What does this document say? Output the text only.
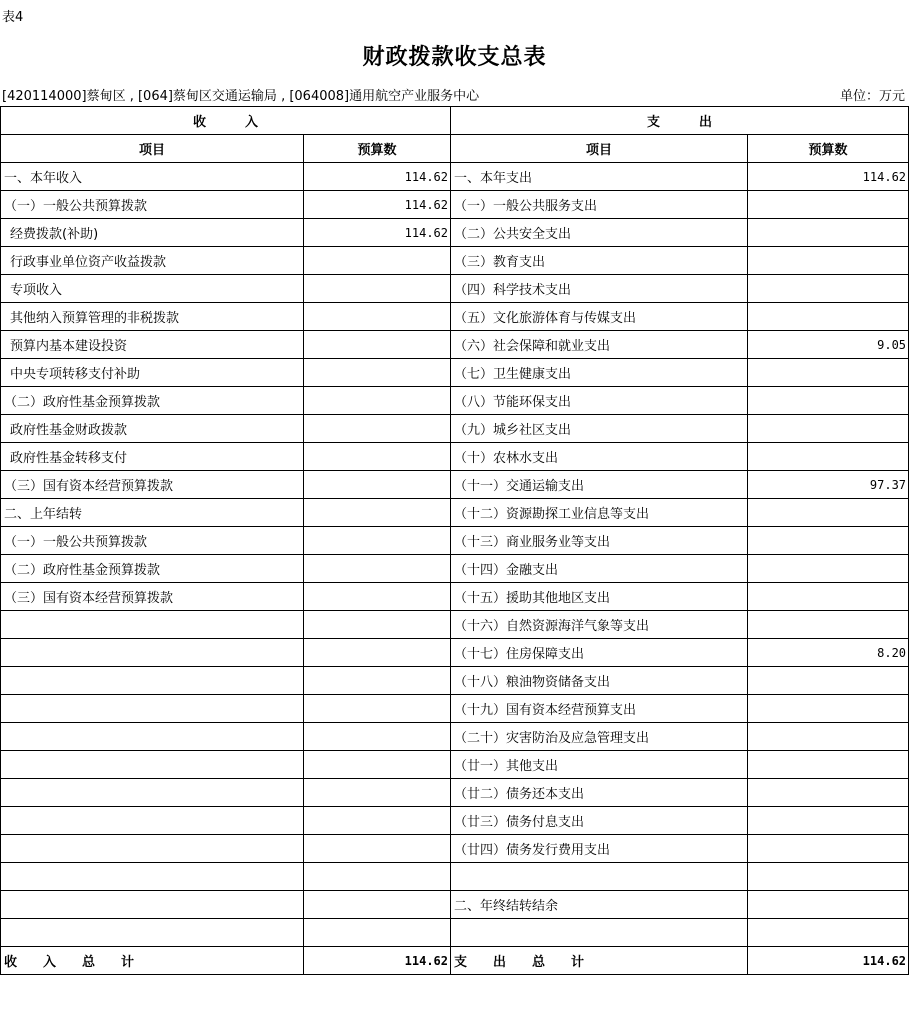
表4
财政拨款收支总表
[420114000]蔡甸区 , [064]蔡甸区交通运输局 , [064008]通用航空产业服务中心	单位：万元
收　　　入		支　　　出	
项目	预算数	项目	预算数
一、本年收入	114.62	一、本年支出	114.62
（一）一般公共预算拨款	114.62	（一）一般公共服务支出	
经费拨款(补助)	114.62	（二）公共安全支出	
行政事业单位资产收益拨款		（三）教育支出	
专项收入		（四）科学技术支出	
其他纳入预算管理的非税拨款		（五）文化旅游体育与传媒支出	
预算内基本建设投资		（六）社会保障和就业支出	9.05
中央专项转移支付补助		（七）卫生健康支出	
（二）政府性基金预算拨款		（八）节能环保支出	
政府性基金财政拨款		（九）城乡社区支出	
政府性基金转移支付		（十）农林水支出	
（三）国有资本经营预算拨款		（十一）交通运输支出	97.37
二、上年结转		（十二）资源勘探工业信息等支出	
（一）一般公共预算拨款		（十三）商业服务业等支出	
（二）政府性基金预算拨款		（十四）金融支出	
（三）国有资本经营预算拨款		（十五）援助其他地区支出	
		（十六）自然资源海洋气象等支出	
		（十七）住房保障支出	8.20
		（十八）粮油物资储备支出	
		（十九）国有资本经营预算支出	
		（二十）灾害防治及应急管理支出	
		（廿一）其他支出	
		（廿二）债务还本支出	
		（廿三）债务付息支出	
		（廿四）债务发行费用支出	

		二、年终结转结余	

收　　入　　总　　计	114.62	支　　出　　总　　计	114.62
